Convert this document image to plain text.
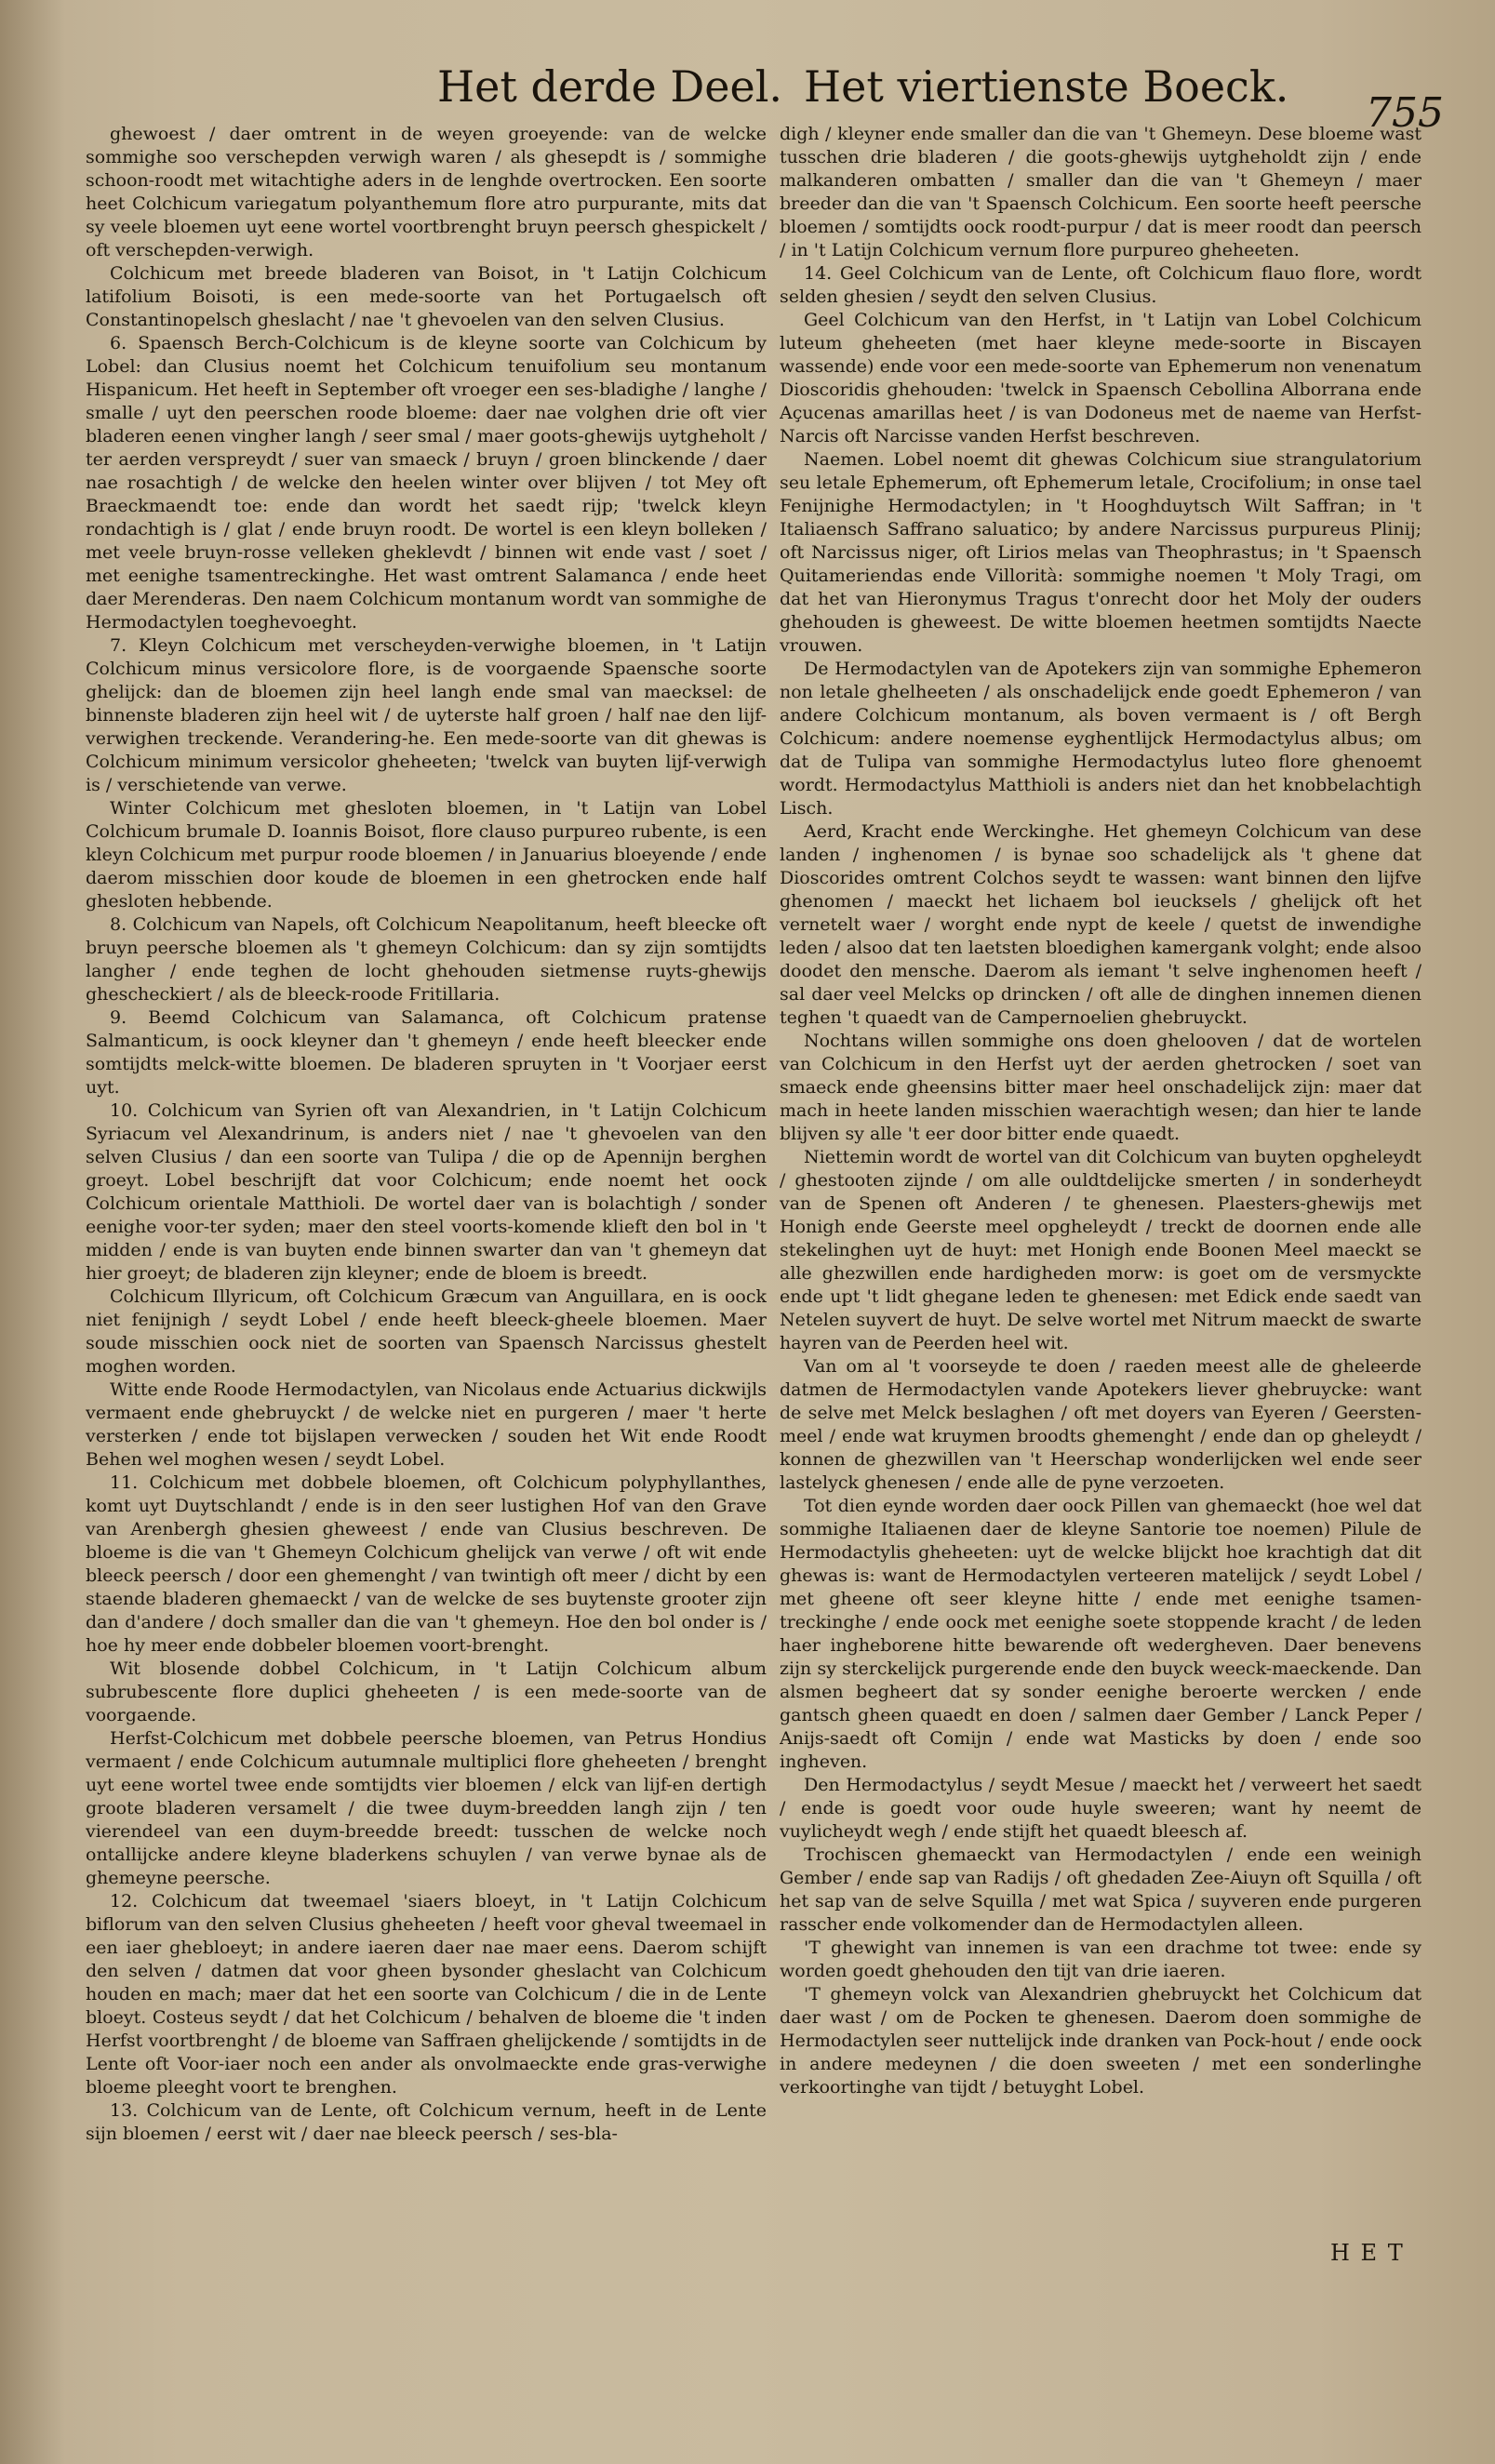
Het derde Deel. Het viertienste Boeck.
755

ghewoest / daer omtrent in de weyen groeyende: van de welcke sommighe soo verschepden verwigh waren / als ghesepdt is / sommighe schoon-roodt met witachtighe aders in de lenghde overtrocken. Een soorte heet Colchicum variegatum polyanthemum flore atro purpurante, mits dat sy veele bloemen uyt eene wortel voortbrenght bruyn peersch ghespickelt / oft verschepden-verwigh.

Colchicum met breede bladeren van Boisot, in 't Latijn Colchicum latifolium Boisoti, is een mede-soorte van het Portugaelsch oft Constantinopelsch gheslacht / nae 't ghevoelen van den selven Clusius.

6. Spaensch Berch-Colchicum is de kleyne soorte van Colchicum by Lobel: dan Clusius noemt het Colchicum tenuifolium seu montanum Hispanicum. Het heeft in September oft vroeger een ses-bladighe / langhe / smalle / uyt den peerschen roode bloeme: daer nae volghen drie oft vier bladeren eenen vingher langh / seer smal / maer goots-ghewijs uytgheholt / ter aerden verspreydt / suer van smaeck / bruyn / groen blinckende / daer nae rosachtigh / de welcke den heelen winter over blijven / tot Mey oft Braeckmaendt toe: ende dan wordt het saedt rijp; 'twelck kleyn rondachtigh is / glat / ende bruyn roodt. De wortel is een kleyn bolleken / met veele bruyn-rosse velleken gheklevdt / binnen wit ende vast / soet / met eenighe tsamentreckinghe. Het wast omtrent Salamanca / ende heet daer Merenderas. Den naem Colchicum montanum wordt van sommighe de Hermodactylen toeghevoeght.

7. Kleyn Colchicum met verscheyden-verwighe bloemen, in 't Latijn Colchicum minus versicolore flore, is de voorgaende Spaensche soorte ghelijck: dan de bloemen zijn heel langh ende smal van maecksel: de binnenste bladeren zijn heel wit / de uyterste half groen / half nae den lijf-verwighen treckende. Verandering-he. Een mede-soorte van dit ghewas is Colchicum minimum versicolor gheheeten; 'twelck van buyten lijf-verwigh is / verschietende van verwe.

Winter Colchicum met ghesloten bloemen, in 't Latijn van Lobel Colchicum brumale D. Ioannis Boisot, flore clauso purpureo rubente, is een kleyn Colchicum met purpur roode bloemen / in Januarius bloeyende / ende daerom misschien door koude de bloemen in een ghetrocken ende half ghesloten hebbende.

8. Colchicum van Napels, oft Colchicum Neapolitanum, heeft bleecke oft bruyn peersche bloemen als 't ghemeyn Colchicum: dan sy zijn somtijdts langher / ende teghen de locht ghehouden sietmense ruyts-ghewijs ghescheckiert / als de bleeck-roode Fritillaria.

9. Beemd Colchicum van Salamanca, oft Colchicum pratense Salmanticum, is oock kleyner dan 't ghemeyn / ende heeft bleecker ende somtijdts melck-witte bloemen. De bladeren spruyten in 't Voorjaer eerst uyt.

10. Colchicum van Syrien oft van Alexandrien, in 't Latijn Colchicum Syriacum vel Alexandrinum, is anders niet / nae 't ghevoelen van den selven Clusius / dan een soorte van Tulipa / die op de Apennijn berghen groeyt. Lobel beschrijft dat voor Colchicum; ende noemt het oock Colchicum orientale Matthioli. De wortel daer van is bolachtigh / sonder eenighe voor-ter syden; maer den steel voorts-komende klieft den bol in 't midden / ende is van buyten ende binnen swarter dan van 't ghemeyn dat hier groeyt; de bladeren zijn kleyner; ende de bloem is breedt.

Colchicum Illyricum, oft Colchicum Græcum van Anguillara, en is oock niet fenijnigh / seydt Lobel / ende heeft bleeck-gheele bloemen. Maer soude misschien oock niet de soorten van Spaensch Narcissus ghestelt moghen worden.

Witte ende Roode Hermodactylen, van Nicolaus ende Actuarius dickwijls vermaent ende ghebruyckt / de welcke niet en purgeren / maer 't herte versterken / ende tot bijslapen verwecken / souden het Wit ende Roodt Behen wel moghen wesen / seydt Lobel.

11. Colchicum met dobbele bloemen, oft Colchicum polyphyllanthes, komt uyt Duytschlandt / ende is in den seer lustighen Hof van den Grave van Arenbergh ghesien gheweest / ende van Clusius beschreven. De bloeme is die van 't Ghemeyn Colchicum ghelijck van verwe / oft wit ende bleeck peersch / door een ghemenght / van twintigh oft meer / dicht by een staende bladeren ghemaeckt / van de welcke de ses buytenste grooter zijn dan d'andere / doch smaller dan die van 't ghemeyn. Hoe den bol onder is / hoe hy meer ende dobbeler bloemen voort-brenght.

Wit blosende dobbel Colchicum, in 't Latijn Colchicum album subrubescente flore duplici gheheeten / is een mede-soorte van de voorgaende.

Herfst-Colchicum met dobbele peersche bloemen, van Petrus Hondius vermaent / ende Colchicum autumnale multiplici flore gheheeten / brenght uyt eene wortel twee ende somtijdts vier bloemen / elck van lijf-en dertigh groote bladeren versamelt / die twee duym-breedden langh zijn / ten vierendeel van een duym-breedde breedt: tusschen de welcke noch ontallijcke andere kleyne bladerkens schuylen / van verwe bynae als de ghemeyne peersche.

12. Colchicum dat tweemael 'siaers bloeyt, in 't Latijn Colchicum biflorum van den selven Clusius gheheeten / heeft voor gheval tweemael in een iaer ghebloeyt; in andere iaeren daer nae maer eens. Daerom schijft den selven / datmen dat voor gheen bysonder gheslacht van Colchicum houden en mach; maer dat het een soorte van Colchicum / die in de Lente bloeyt. Costeus seydt / dat het Colchicum / behalven de bloeme die 't inden Herfst voortbrenght / de bloeme van Saffraen ghelijckende / somtijdts in de Lente oft Voor-iaer noch een ander als onvolmaeckte ende gras-verwighe bloeme pleeght voort te brenghen.

13. Colchicum van de Lente, oft Colchicum vernum, heeft in de Lente sijn bloemen / eerst wit / daer nae bleeck peersch / ses-bla-

digh / kleyner ende smaller dan die van 't Ghemeyn. Dese bloeme wast tusschen drie bladeren / die goots-ghewijs uytgheholdt zijn / ende malkanderen ombatten / smaller dan die van 't Ghemeyn / maer breeder dan die van 't Spaensch Colchicum. Een soorte heeft peersche bloemen / somtijdts oock roodt-purpur / dat is meer roodt dan peersch / in 't Latijn Colchicum vernum flore purpureo gheheeten.

14. Geel Colchicum van de Lente, oft Colchicum flauo flore, wordt selden ghesien / seydt den selven Clusius.

Geel Colchicum van den Herfst, in 't Latijn van Lobel Colchicum luteum gheheeten (met haer kleyne mede-soorte in Biscayen wassende) ende voor een mede-soorte van Ephemerum non venenatum Dioscoridis ghehouden: 'twelck in Spaensch Cebollina Alborrana ende Açucenas amarillas heet / is van Dodoneus met de naeme van Herfst-Narcis oft Narcisse vanden Herfst beschreven.

Naemen. Lobel noemt dit ghewas Colchicum siue strangulatorium seu letale Ephemerum, oft Ephemerum letale, Crocifolium; in onse tael Fenijnighe Hermodactylen; in 't Hooghduytsch Wilt Saffran; in 't Italiaensch Saffrano saluatico; by andere Narcissus purpureus Plinij; oft Narcissus niger, oft Lirios melas van Theophrastus; in 't Spaensch Quitameriendas ende Villorità: sommighe noemen 't Moly Tragi, om dat het van Hieronymus Tragus t'onrecht door het Moly der ouders ghehouden is gheweest. De witte bloemen heetmen somtijdts Naecte vrouwen.

De Hermodactylen van de Apotekers zijn van sommighe Ephemeron non letale ghelheeten / als onschadelijck ende goedt Ephemeron / van andere Colchicum montanum, als boven vermaent is / oft Bergh Colchicum: andere noemense eyghentlijck Hermodactylus albus; om dat de Tulipa van sommighe Hermodactylus luteo flore ghenoemt wordt. Hermodactylus Matthioli is anders niet dan het knobbelachtigh Lisch.

Aerd, Kracht ende Werckinghe. Het ghemeyn Colchicum van dese landen / inghenomen / is bynae soo schadelijck als 't ghene dat Dioscorides omtrent Colchos seydt te wassen: want binnen den lijfve ghenomen / maeckt het lichaem bol ieucksels / ghelijck oft het vernetelt waer / worght ende nypt de keele / quetst de inwendighe leden / alsoo dat ten laetsten bloedighen kamergank volght; ende alsoo doodet den mensche. Daerom als iemant 't selve inghenomen heeft / sal daer veel Melcks op drincken / oft alle de dinghen innemen dienen teghen 't quaedt van de Campernoelien ghebruyckt.

Nochtans willen sommighe ons doen ghelooven / dat de wortelen van Colchicum in den Herfst uyt der aerden ghetrocken / soet van smaeck ende gheensins bitter maer heel onschadelijck zijn: maer dat mach in heete landen misschien waerachtigh wesen; dan hier te lande blijven sy alle 't eer door bitter ende quaedt.

Niettemin wordt de wortel van dit Colchicum van buyten opgheleydt / ghestooten zijnde / om alle ouldtdelijcke smerten / in sonderheydt van de Spenen oft Anderen / te ghenesen. Plaesters-ghewijs met Honigh ende Geerste meel opgheleydt / treckt de doornen ende alle stekelinghen uyt de huyt: met Honigh ende Boonen Meel maeckt se alle ghezwillen ende hardigheden morw: is goet om de versmyckte ende upt 't lidt ghegane leden te ghenesen: met Edick ende saedt van Netelen suyvert de huyt. De selve wortel met Nitrum maeckt de swarte hayren van de Peerden heel wit.

Van om al 't voorseyde te doen / raeden meest alle de gheleerde datmen de Hermodactylen vande Apotekers liever ghebruycke: want de selve met Melck beslaghen / oft met doyers van Eyeren / Geersten-meel / ende wat kruymen broodts ghemenght / ende dan op gheleydt / konnen de ghezwillen van 't Heerschap wonderlijcken wel ende seer lastelyck ghenesen / ende alle de pyne verzoeten.

Tot dien eynde worden daer oock Pillen van ghemaeckt (hoe wel dat sommighe Italiaenen daer de kleyne Santorie toe noemen) Pilule de Hermodactylis gheheeten: uyt de welcke blijckt hoe krachtigh dat dit ghewas is: want de Hermodactylen verteeren matelijck / seydt Lobel / met gheene oft seer kleyne hitte / ende met eenighe tsamen-treckinghe / ende oock met eenighe soete stoppende kracht / de leden haer ingheborene hitte bewarende oft wedergheven. Daer benevens zijn sy sterckelijck purgerende ende den buyck weeck-maeckende. Dan alsmen begheert dat sy sonder eenighe beroerte wercken / ende gantsch gheen quaedt en doen / salmen daer Gember / Lanck Peper / Anijs-saedt oft Comijn / ende wat Masticks by doen / ende soo ingheven.

Den Hermodactylus / seydt Mesue / maeckt het / verweert het saedt / ende is goedt voor oude huyle sweeren; want hy neemt de vuylicheydt wegh / ende stijft het quaedt bleesch af.

Trochiscen ghemaeckt van Hermodactylen / ende een weinigh Gember / ende sap van Radijs / oft ghedaden Zee-Aiuyn oft Squilla / oft het sap van de selve Squilla / met wat Spica / suyveren ende purgeren rasscher ende volkomender dan de Hermodactylen alleen.

'T ghewight van innemen is van een drachme tot twee: ende sy worden goedt ghehouden den tijt van drie iaeren.

'T ghemeyn volck van Alexandrien ghebruyckt het Colchicum dat daer wast / om de Pocken te ghenesen. Daerom doen sommighe de Hermodactylen seer nuttelijck inde dranken van Pock-hout / ende oock in andere medeynen / die doen sweeten / met een sonderlinghe verkoortinghe van tijdt / betuyght Lobel.

H E T
